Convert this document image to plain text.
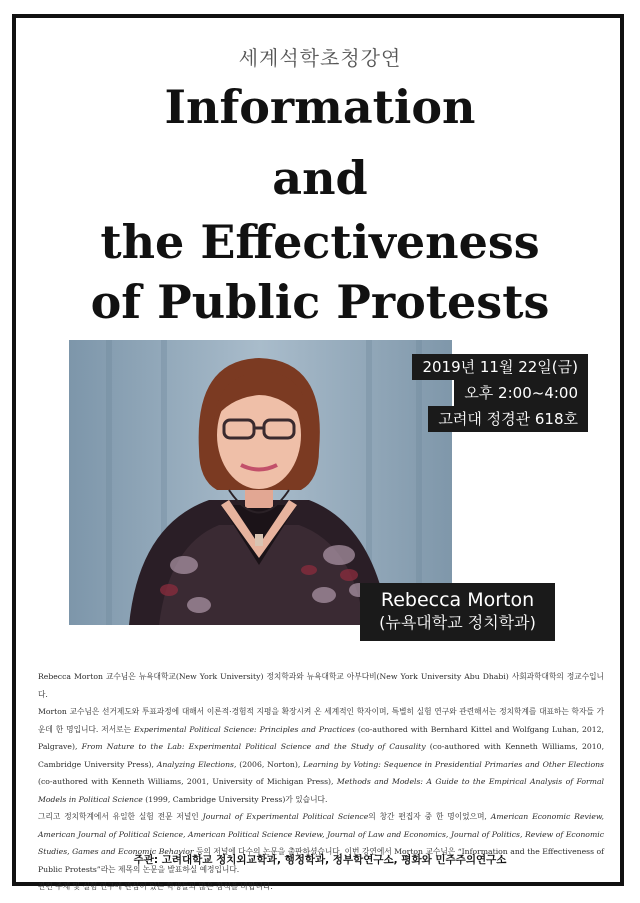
세계석학초청강연
Information
and
the Effectiveness
of Public Protests
2019년 11월 22일(금)
오후 2:00~4:00
고려대 정경관 618호
Rebecca Morton
(뉴욕대학교 정치학과)

Rebecca Morton 교수님은 뉴욕대학교(New York University) 정치학과와 뉴욕대학교 아부다비(New York University Abu Dhabi) 사회과학대학의 정교수입니다.

Morton 교수님은 선거제도와 투표과정에 대해서 이론적·경험적 지평을 확장시켜 온 세계적인 학자이며, 특별히 실험 연구와 관련해서는 정치학계를 대표하는 학자들 가운데 한 명입니다. 저서로는 Experimental Political Science: Principles and Practices (co-authored with Bernhard Kittel and Wolfgang Luhan, 2012, Palgrave), From Nature to the Lab: Experimental Political Science and the Study of Causality (co-authored with Kenneth Williams, 2010, Cambridge University Press), Analyzing Elections, (2006, Norton), Learning by Voting: Sequence in Presidential Primaries and Other Elections (co-authored with Kenneth Williams, 2001, University of Michigan Press), Methods and Models: A Guide to the Empirical Analysis of Formal Models in Political Science (1999, Cambridge University Press)가 있습니다.

그리고 정치학계에서 유일한 실험 전문 저널인 Journal of Experimental Political Science의 창간 편집자 중 한 명이었으며, American Economic Review, American Journal of Political Science, American Political Science Review, Journal of Law and Economics, Journal of Politics, Review of Economic Studies, Games and Economic Behavior 등의 저널에 다수의 논문을 출판하셨습니다. 이번 강연에서 Morton 교수님은 “Information and the Effectiveness of Public Protests”라는 제목의 논문을 발표하실 예정입니다.

관련 주제 및 실험 연구에 관심이 있는 학생들의 많은 참석을 바랍니다.

주관: 고려대학교 정치외교학과, 행정학과, 정부학연구소, 평화와 민주주의연구소
